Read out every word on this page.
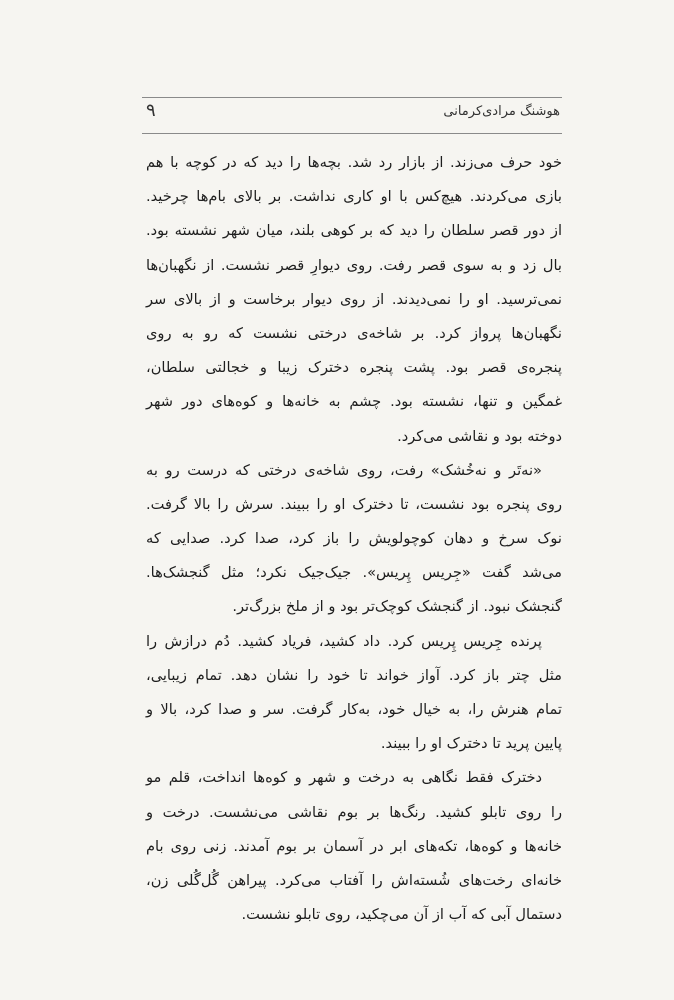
هوشنگ مرادی‌کرمانی
۹
خود حرف می‌زند. از بازار رد شد. بچه‌ها را دید که در کوچه با هم
بازی می‌کردند. هیچ‌کس با او کاری نداشت. بر بالای بام‌ها چرخید.
از دور قصر سلطان را دید که بر کوهی بلند، میان شهر نشسته بود.
بال زد و به سوی قصر رفت. روی دیوارِ قصر نشست. از نگهبان‌ها
نمی‌ترسید. او را نمی‌دیدند. از روی دیوار برخاست و از بالای سر
نگهبان‌ها پرواز کرد. بر شاخه‌ی درختی نشست که رو به روی
پنجره‌ی قصر بود. پشت پنجره دخترک زیبا و خجالتی سلطان،
غمگین و تنها، نشسته بود. چشم به خانه‌ها و کوه‌های دور شهر
دوخته بود و نقاشی می‌کرد.
«نه‌تَر و نه‌خُشک» رفت، روی شاخه‌ی درختی که درست رو به
روی پنجره بود نشست، تا دخترک او را ببیند. سرش را بالا گرفت.
نوک سرخ و دهان کوچولویش را باز کرد، صدا کرد. صدایی که
می‌شد گفت «جِریس پِریس». جیک‌جیک نکرد؛ مثل گنجشک‌ها.
گنجشک نبود. از گنجشک کوچک‌تر بود و از ملخ بزرگ‌تر.
پرنده جِریس پِریس کرد. داد کشید، فریاد کشید. دُم درازش را
مثل چتر باز کرد. آواز خواند تا خود را نشان دهد. تمام زیبایی،
تمام هنرش را، به خیال خود، به‌کار گرفت. سر و صدا کرد، بالا و
پایین پرید تا دخترک او را ببیند.
دخترک فقط نگاهی به درخت و شهر و کوه‌ها انداخت، قلم مو
را روی تابلو کشید. رنگ‌ها بر بوم نقاشی می‌نشست. درخت و
خانه‌ها و کوه‌ها، تکه‌های ابر در آسمان بر بوم آمدند. زنی روی بام
خانه‌ای رخت‌های شُسته‌اش را آفتاب می‌کرد. پیراهن گُل‌گُلی زن،
دستمال آبی که آب از آن می‌چکید، روی تابلو نشست.
